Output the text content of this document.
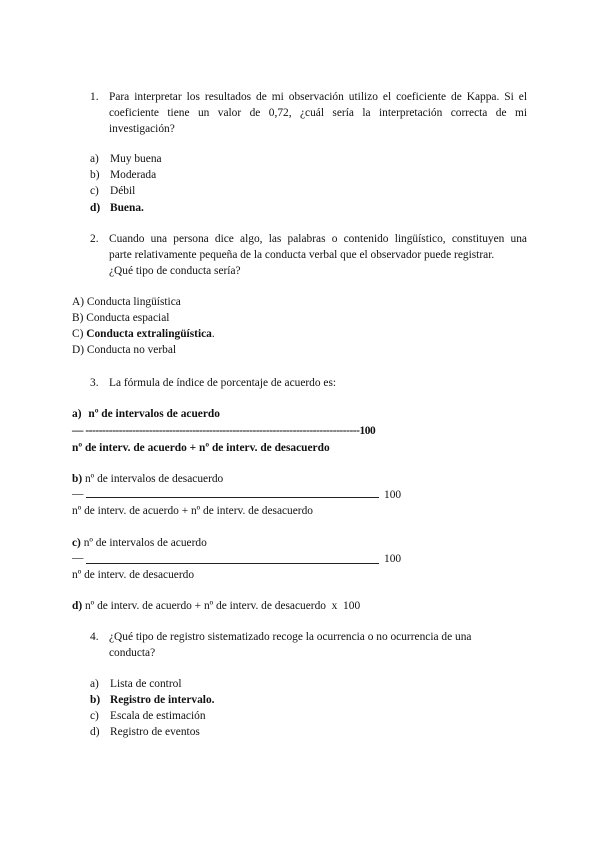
1. Para interpretar los resultados de mi observación utilizo el coeficiente de Kappa. Si el
coeficiente tiene un valor de 0,72, ¿cuál sería la interpretación correcta de mi
investigación?
a) Muy buena
b) Moderada
c) Débil
d) Buena.
2. Cuando una persona dice algo, las palabras o contenido lingüístico, constituyen una
parte relativamente pequeña de la conducta verbal que el observador puede registrar.
¿Qué tipo de conducta sería?
A) Conducta lingüística
B) Conducta espacial
C) Conducta extralingüística.
D) Conducta no verbal
3. La fórmula de índice de porcentaje de acuerdo es:
a) nº de intervalos de acuerdo
— ----------------------------------------------------------------------------------100
nº de interv. de acuerdo + nº de interv. de desacuerdo
b) nº de intervalos de desacuerdo
—	100
nº de interv. de acuerdo + nº de interv. de desacuerdo
c) nº de intervalos de acuerdo
—	100
nº de interv. de desacuerdo
d) nº de interv. de acuerdo + nº de interv. de desacuerdo  x  100
4. ¿Qué tipo de registro sistematizado recoge la ocurrencia o no ocurrencia de una
conducta?
a) Lista de control
b) Registro de intervalo.
c) Escala de estimación
d) Registro de eventos
